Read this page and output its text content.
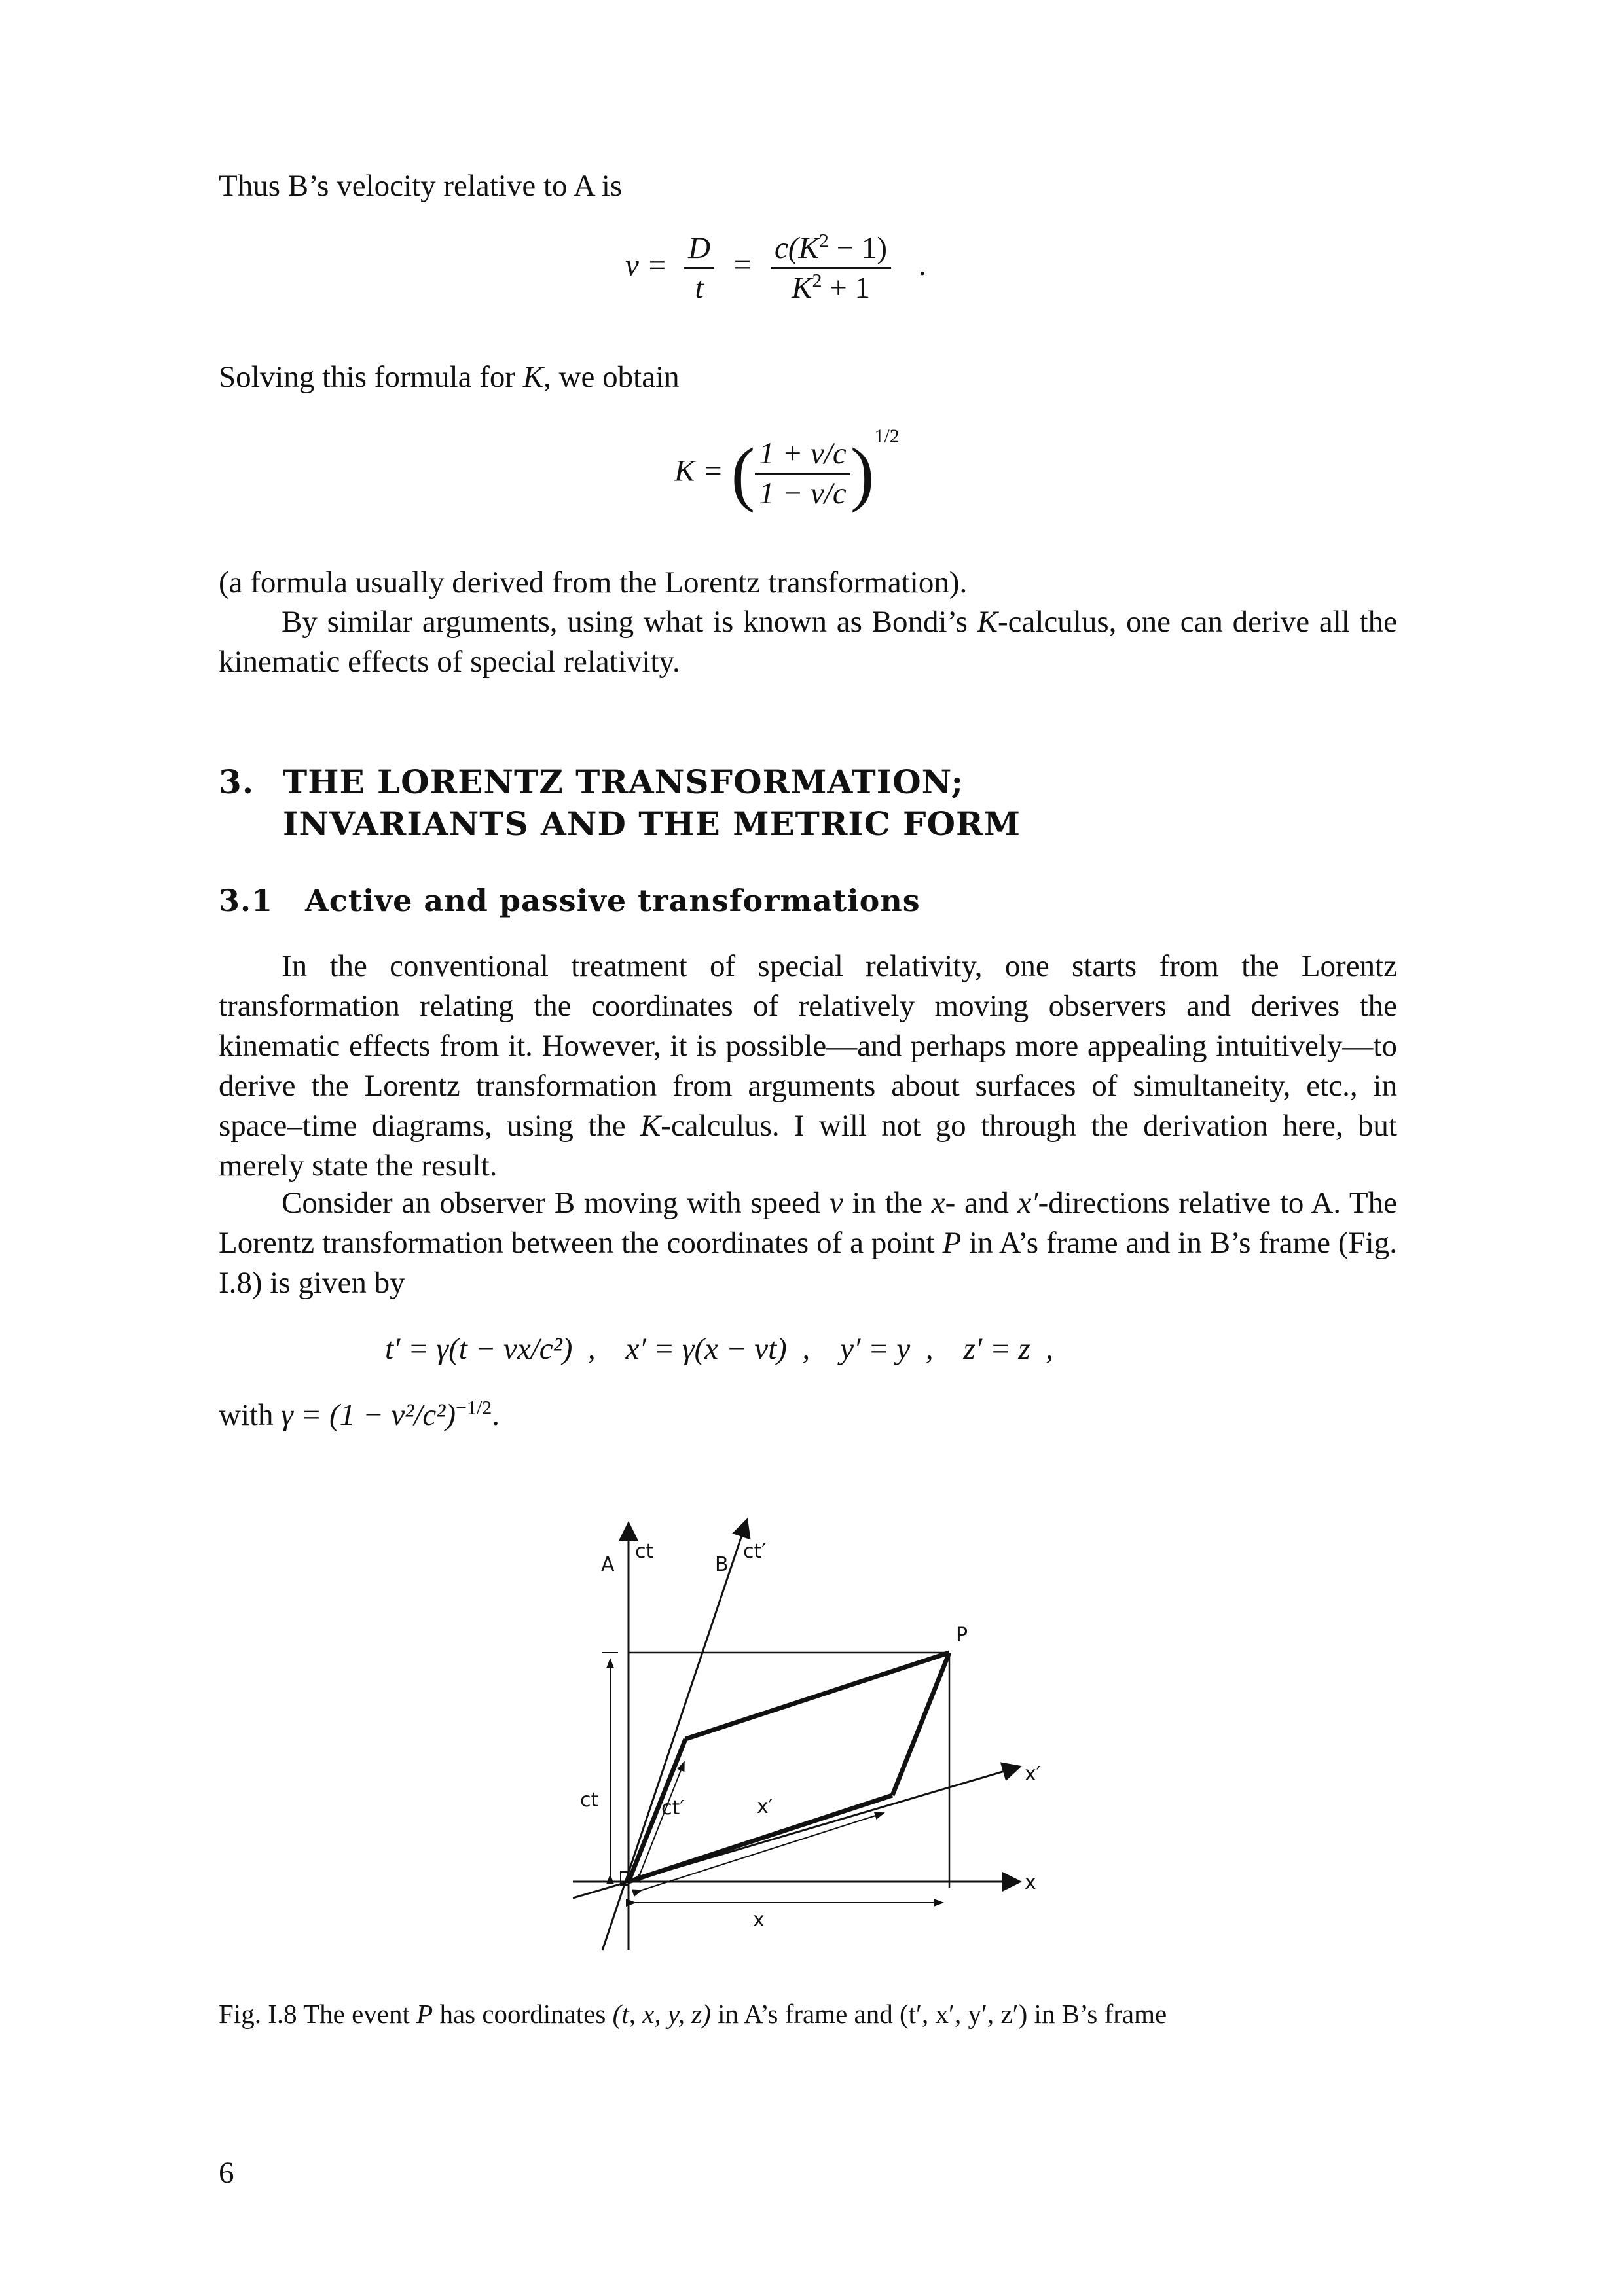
Thus B’s velocity relative to A is
$v = \frac{D}{t} = \frac{c(K^2 - 1)}{K^2 + 1}$ .
Solving this formula for K, we obtain
K = ( $\frac{1 + v/c}{1 - v/c} )^{1/2}$
(a formula usually derived from the Lorentz transformation).
By similar arguments, using what is known as Bondi’s K-calculus, one can derive all the kinematic effects of special relativity.
3. THE LORENTZ TRANSFORMATION;
INVARIANTS AND THE METRIC FORM
3.1 Active and passive transformations
In the conventional treatment of special relativity, one starts from the Lorentz transformation relating the coordinates of relatively moving observers and derives the kinematic effects from it. However, it is possible—and perhaps more appealing intuitively—to derive the Lorentz transformation from arguments about surfaces of simultaneity, etc., in space–time diagrams, using the K-calculus. I will not go through the derivation here, but merely state the result.
Consider an observer B moving with speed v in the x- and x′-directions relative to A. The Lorentz transformation between the coordinates of a point P in A’s frame and in B’s frame (Fig. I.8) is given by
t′ = γ(t − vx/c²)  , x′ = γ(x − vt)  , y′ = y  , z′ = z  ,
with $\gamma = (1 - v^2/c^2)^{-1/2}$.
A
ct
B
ct′
P
x′
x
ct	ct′	x′
x
Fig. I.8 The event P has coordinates (t, x, y, z) in A’s frame and (t′, x′, y′, z′) in B’s frame
6
